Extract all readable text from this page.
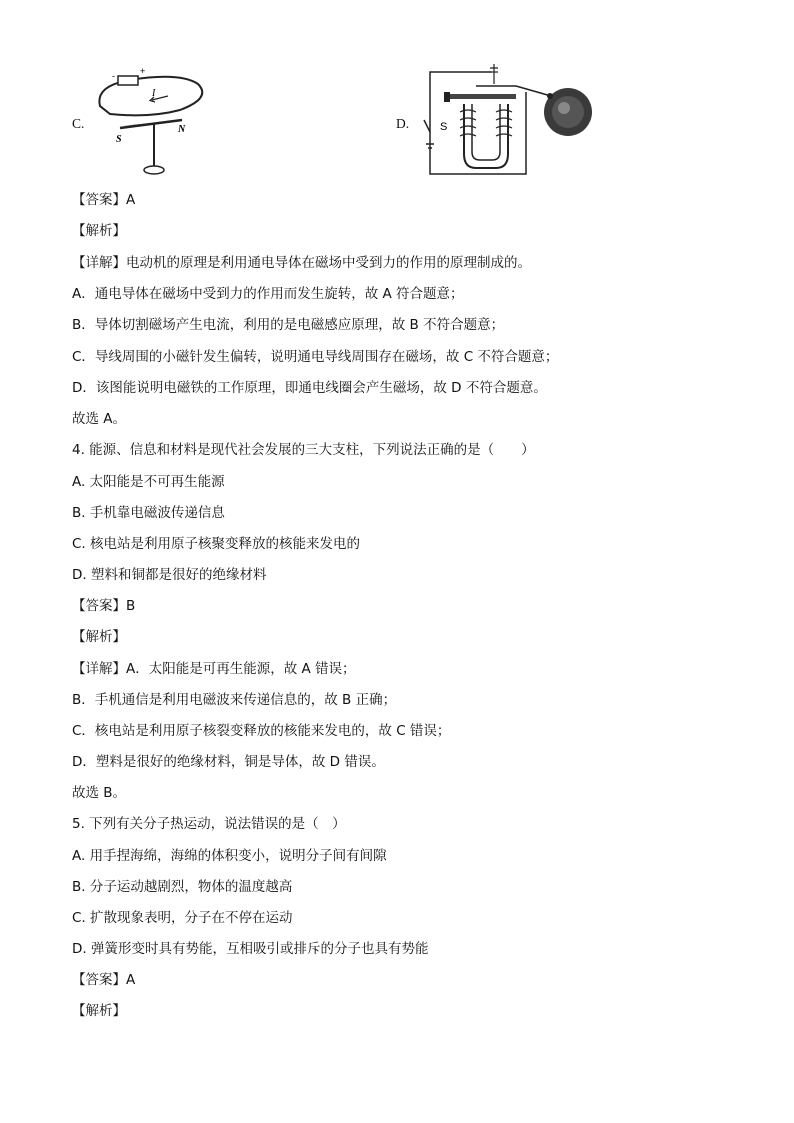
C.
-	+
I
S
N	D.	S
【答案】A
【解析】
【详解】电动机的原理是利用通电导体在磁场中受到力的作用的原理制成的。
A．通电导体在磁场中受到力的作用而发生旋转，故 A 符合题意；
B．导体切割磁场产生电流，利用的是电磁感应原理，故 B 不符合题意；
C．导线周围的小磁针发生偏转，说明通电导线周围存在磁场，故 C 不符合题意；
D．该图能说明电磁铁的工作原理，即通电线圈会产生磁场，故 D 不符合题意。
故选 A。
4. 能源、信息和材料是现代社会发展的三大支柱，下列说法正确的是（　　）
A. 太阳能是不可再生能源
B. 手机靠电磁波传递信息
C. 核电站是利用原子核聚变释放的核能来发电的
D. 塑料和铜都是很好的绝缘材料
【答案】B
【解析】
【详解】A．太阳能是可再生能源，故 A 错误；
B．手机通信是利用电磁波来传递信息的，故 B 正确；
C．核电站是利用原子核裂变释放的核能来发电的，故 C 错误；
D．塑料是很好的绝缘材料，铜是导体，故 D 错误。
故选 B。
5. 下列有关分子热运动，说法错误的是（　）
A. 用手捏海绵，海绵的体积变小，说明分子间有间隙
B. 分子运动越剧烈，物体的温度越高
C. 扩散现象表明，分子在不停在运动
D. 弹簧形变时具有势能，互相吸引或排斥的分子也具有势能
【答案】A
【解析】
